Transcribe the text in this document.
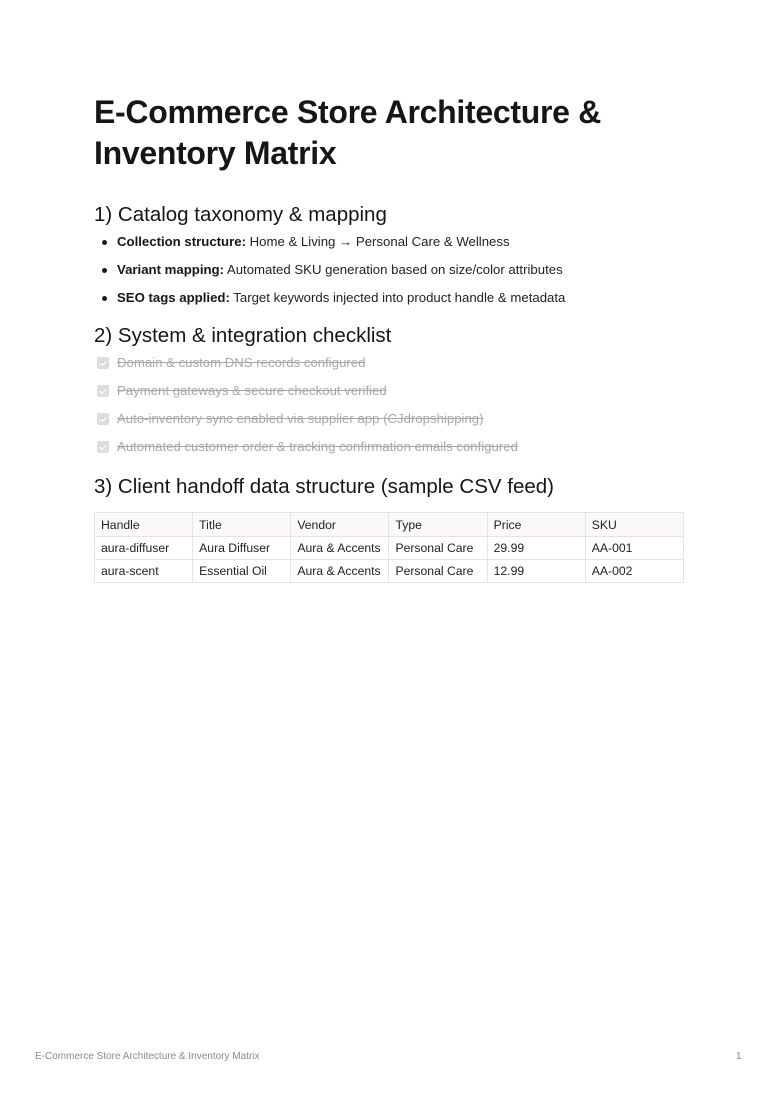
E-Commerce Store Architecture & Inventory Matrix
1) Catalog taxonomy & mapping
Collection structure: Home & Living → Personal Care & Wellness
Variant mapping: Automated SKU generation based on size/color attributes
SEO tags applied: Target keywords injected into product handle & metadata
2) System & integration checklist
Domain & custom DNS records configured
Payment gateways & secure checkout verified
Auto-inventory sync enabled via supplier app (CJdropshipping)
Automated customer order & tracking confirmation emails configured
3) Client handoff data structure (sample CSV feed)
Handle	Title	Vendor	Type	Price	SKU
aura-diffuser	Aura Diffuser	Aura & Accents	Personal Care	29.99	AA-001
aura-scent	Essential Oil	Aura & Accents	Personal Care	12.99	AA-002
E-Commerce Store Architecture & Inventory Matrix	1
